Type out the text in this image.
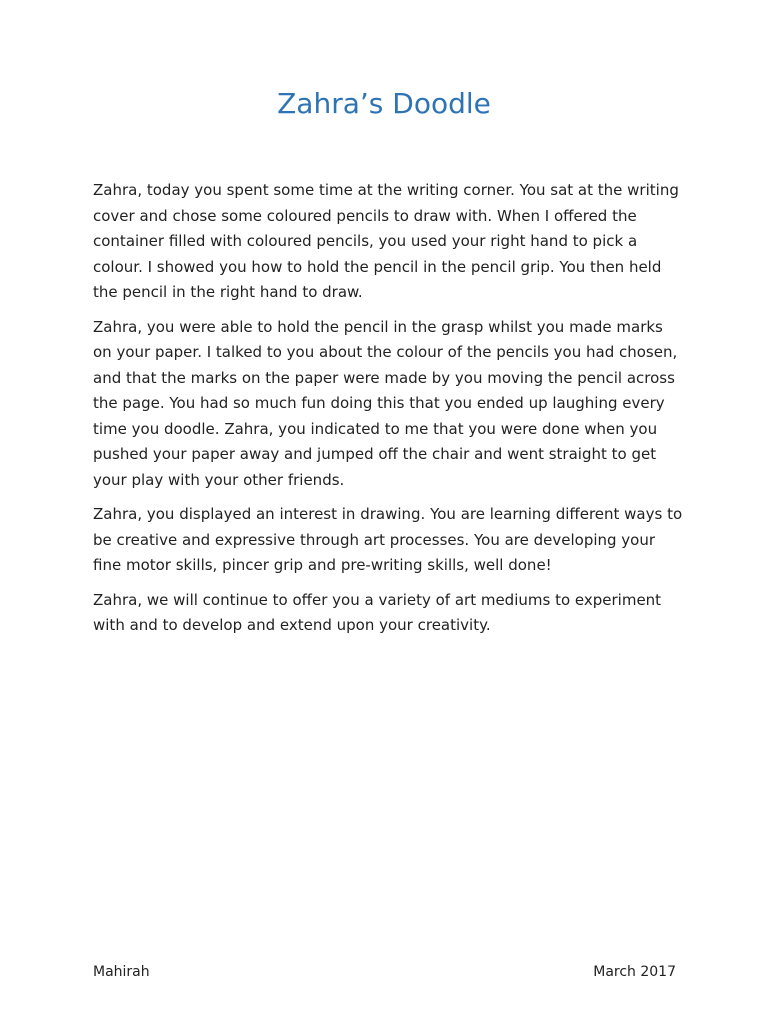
Zahra’s Doodle

Zahra, today you spent some time at the writing corner. You sat at the writing cover and chose some coloured pencils to draw with. When I offered the container filled with coloured pencils, you used your right hand to pick a colour. I showed you how to hold the pencil in the pencil grip. You then held the pencil in the right hand to draw.

Zahra, you were able to hold the pencil in the grasp whilst you made marks on your paper. I talked to you about the colour of the pencils you had chosen, and that the marks on the paper were made by you moving the pencil across the page. You had so much fun doing this that you ended up laughing every time you doodle. Zahra, you indicated to me that you were done when you pushed your paper away and jumped off the chair and went straight to get your play with your other friends.

Zahra, you displayed an interest in drawing. You are learning different ways to be creative and expressive through art processes. You are developing your fine motor skills, pincer grip and pre-writing skills, well done!

Zahra, we will continue to offer you a variety of art mediums to experiment with and to develop and extend upon your creativity.

Mahirah	March 2017
